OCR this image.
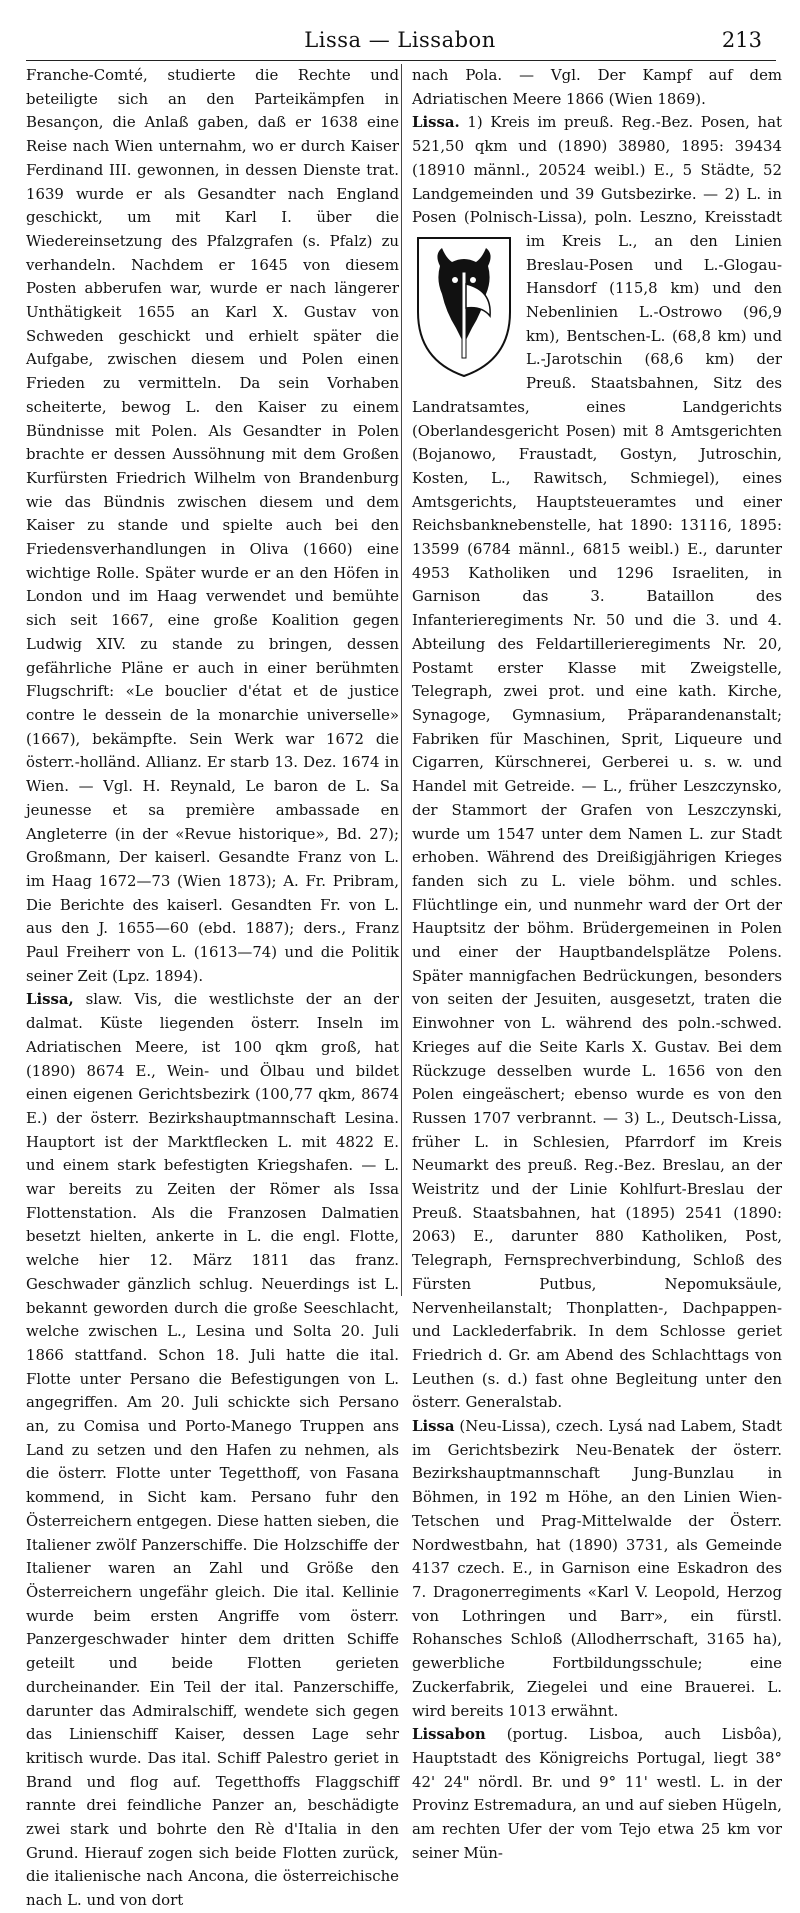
Lissa — Lissabon	213

Franche-Comté, studierte die Rechte und beteiligte sich an den Parteikämpfen in Besançon, die Anlaß gaben, daß er 1638 eine Reise nach Wien unternahm, wo er durch Kaiser Ferdinand III. gewonnen, in dessen Dienste trat. 1639 wurde er als Gesandter nach England geschickt, um mit Karl I. über die Wiedereinsetzung des Pfalzgrafen (s. Pfalz) zu verhandeln. Nachdem er 1645 von diesem Posten abberufen war, wurde er nach längerer Unthätigkeit 1655 an Karl X. Gustav von Schweden geschickt und erhielt später die Aufgabe, zwischen diesem und Polen einen Frieden zu vermitteln. Da sein Vorhaben scheiterte, bewog L. den Kaiser zu einem Bündnisse mit Polen. Als Gesandter in Polen brachte er dessen Aussöhnung mit dem Großen Kurfürsten Friedrich Wilhelm von Brandenburg wie das Bündnis zwischen diesem und dem Kaiser zu stande und spielte auch bei den Friedensverhandlungen in Oliva (1660) eine wichtige Rolle. Später wurde er an den Höfen in London und im Haag verwendet und bemühte sich seit 1667, eine große Koalition gegen Ludwig XIV. zu stande zu bringen, dessen gefährliche Pläne er auch in einer berühmten Flugschrift: «Le bouclier d'état et de justice contre le dessein de la monarchie universelle» (1667), bekämpfte. Sein Werk war 1672 die österr.-holländ. Allianz. Er starb 13. Dez. 1674 in Wien. — Vgl. H. Reynald, Le baron de L. Sa jeunesse et sa première ambassade en Angleterre (in der «Revue historique», Bd. 27); Großmann, Der kaiserl. Gesandte Franz von L. im Haag 1672—73 (Wien 1873); A. Fr. Pribram, Die Berichte des kaiserl. Gesandten Fr. von L. aus den J. 1655—60 (ebd. 1887); ders., Franz Paul Freiherr von L. (1613—74) und die Politik seiner Zeit (Lpz. 1894).

Lissa, slaw. Vis, die westlichste der an der dalmat. Küste liegenden österr. Inseln im Adriatischen Meere, ist 100 qkm groß, hat (1890) 8674 E., Wein- und Ölbau und bildet einen eigenen Gerichtsbezirk (100,77 qkm, 8674 E.) der österr. Bezirkshauptmannschaft Lesina. Hauptort ist der Marktflecken L. mit 4822 E. und einem stark befestigten Kriegshafen. — L. war bereits zu Zeiten der Römer als Issa Flottenstation. Als die Franzosen Dalmatien besetzt hielten, ankerte in L. die engl. Flotte, welche hier 12. März 1811 das franz. Geschwader gänzlich schlug. Neuerdings ist L. bekannt geworden durch die große Seeschlacht, welche zwischen L., Lesina und Solta 20. Juli 1866 stattfand. Schon 18. Juli hatte die ital. Flotte unter Persano die Befestigungen von L. angegriffen. Am 20. Juli schickte sich Persano an, zu Comisa und Porto-Manego Truppen ans Land zu setzen und den Hafen zu nehmen, als die österr. Flotte unter Tegetthoff, von Fasana kommend, in Sicht kam. Persano fuhr den Österreichern entgegen. Diese hatten sieben, die Italiener zwölf Panzerschiffe. Die Holzschiffe der Italiener waren an Zahl und Größe den Österreichern ungefähr gleich. Die ital. Kellinie wurde beim ersten Angriffe vom österr. Panzergeschwader hinter dem dritten Schiffe geteilt und beide Flotten gerieten durcheinander. Ein Teil der ital. Panzerschiffe, darunter das Admiralschiff, wendete sich gegen das Linienschiff Kaiser, dessen Lage sehr kritisch wurde. Das ital. Schiff Palestro geriet in Brand und flog auf. Tegetthoffs Flaggschiff rannte drei feindliche Panzer an, beschädigte zwei stark und bohrte den Rè d'Italia in den Grund. Hierauf zogen sich beide Flotten zurück, die italienische nach Ancona, die österreichische nach L. und von dort

nach Pola. — Vgl. Der Kampf auf dem Adriatischen Meere 1866 (Wien 1869).

Lissa. 1) Kreis im preuß. Reg.-Bez. Posen, hat 521,50 qkm und (1890) 38980, 1895: 39434 (18910 männl., 20524 weibl.) E., 5 Städte, 52 Landgemeinden und 39 Gutsbezirke. — 2) L. in Posen (Polnisch-Lissa), poln. Leszno, Kreisstadt im Kreis L., an den Linien Breslau-Posen und L.-Glogau-Hansdorf (115,8 km) und den Nebenlinien L.-Ostrowo (96,9 km), Bentschen-L. (68,8 km) und L.-Jarotschin (68,6 km) der Preuß. Staatsbahnen, Sitz des Landratsamtes, eines Landgerichts (Oberlandesgericht Posen) mit 8 Amtsgerichten (Bojanowo, Fraustadt, Gostyn, Jutroschin, Kosten, L., Rawitsch, Schmiegel), eines Amtsgerichts, Hauptsteueramtes und einer Reichsbanknebenstelle, hat 1890: 13116, 1895: 13599 (6784 männl., 6815 weibl.) E., darunter 4953 Katholiken und 1296 Israeliten, in Garnison das 3. Bataillon des Infanterieregiments Nr. 50 und die 3. und 4. Abteilung des Feldartillerieregiments Nr. 20, Postamt erster Klasse mit Zweigstelle, Telegraph, zwei prot. und eine kath. Kirche, Synagoge, Gymnasium, Präparandenanstalt; Fabriken für Maschinen, Sprit, Liqueure und Cigarren, Kürschnerei, Gerberei u. s. w. und Handel mit Getreide. — L., früher Leszczynsko, der Stammort der Grafen von Leszczynski, wurde um 1547 unter dem Namen L. zur Stadt erhoben. Während des Dreißigjährigen Krieges fanden sich zu L. viele böhm. und schles. Flüchtlinge ein, und nunmehr ward der Ort der Hauptsitz der böhm. Brüdergemeinen in Polen und einer der Hauptbandelsplätze Polens. Später mannigfachen Bedrückungen, besonders von seiten der Jesuiten, ausgesetzt, traten die Einwohner von L. während des poln.-schwed. Krieges auf die Seite Karls X. Gustav. Bei dem Rückzuge desselben wurde L. 1656 von den Polen eingeäschert; ebenso wurde es von den Russen 1707 verbrannt. — 3) L., Deutsch-Lissa, früher L. in Schlesien, Pfarrdorf im Kreis Neumarkt des preuß. Reg.-Bez. Breslau, an der Weistritz und der Linie Kohlfurt-Breslau der Preuß. Staatsbahnen, hat (1895) 2541 (1890: 2063) E., darunter 880 Katholiken, Post, Telegraph, Fernsprechverbindung, Schloß des Fürsten Putbus, Nepomuksäule, Nervenheilanstalt; Thonplatten-, Dachpappen- und Lacklederfabrik. In dem Schlosse geriet Friedrich d. Gr. am Abend des Schlachttags von Leuthen (s. d.) fast ohne Begleitung unter den österr. Generalstab.

Lissa (Neu-Lissa), czech. Lysá nad Labem, Stadt im Gerichtsbezirk Neu-Benatek der österr. Bezirkshauptmannschaft Jung-Bunzlau in Böhmen, in 192 m Höhe, an den Linien Wien-Tetschen und Prag-Mittelwalde der Österr. Nordwestbahn, hat (1890) 3731, als Gemeinde 4137 czech. E., in Garnison eine Eskadron des 7. Dragonerregiments «Karl V. Leopold, Herzog von Lothringen und Barr», ein fürstl. Rohansches Schloß (Allodherrschaft, 3165 ha), gewerbliche Fortbildungsschule; eine Zuckerfabrik, Ziegelei und eine Brauerei. L. wird bereits 1013 erwähnt.

Lissabon (portug. Lisboa, auch Lisbôa), Hauptstadt des Königreichs Portugal, liegt 38° 42' 24" nördl. Br. und 9° 11' westl. L. in der Provinz Estremadura, an und auf sieben Hügeln, am rechten Ufer der vom Tejo etwa 25 km vor seiner Mün-
